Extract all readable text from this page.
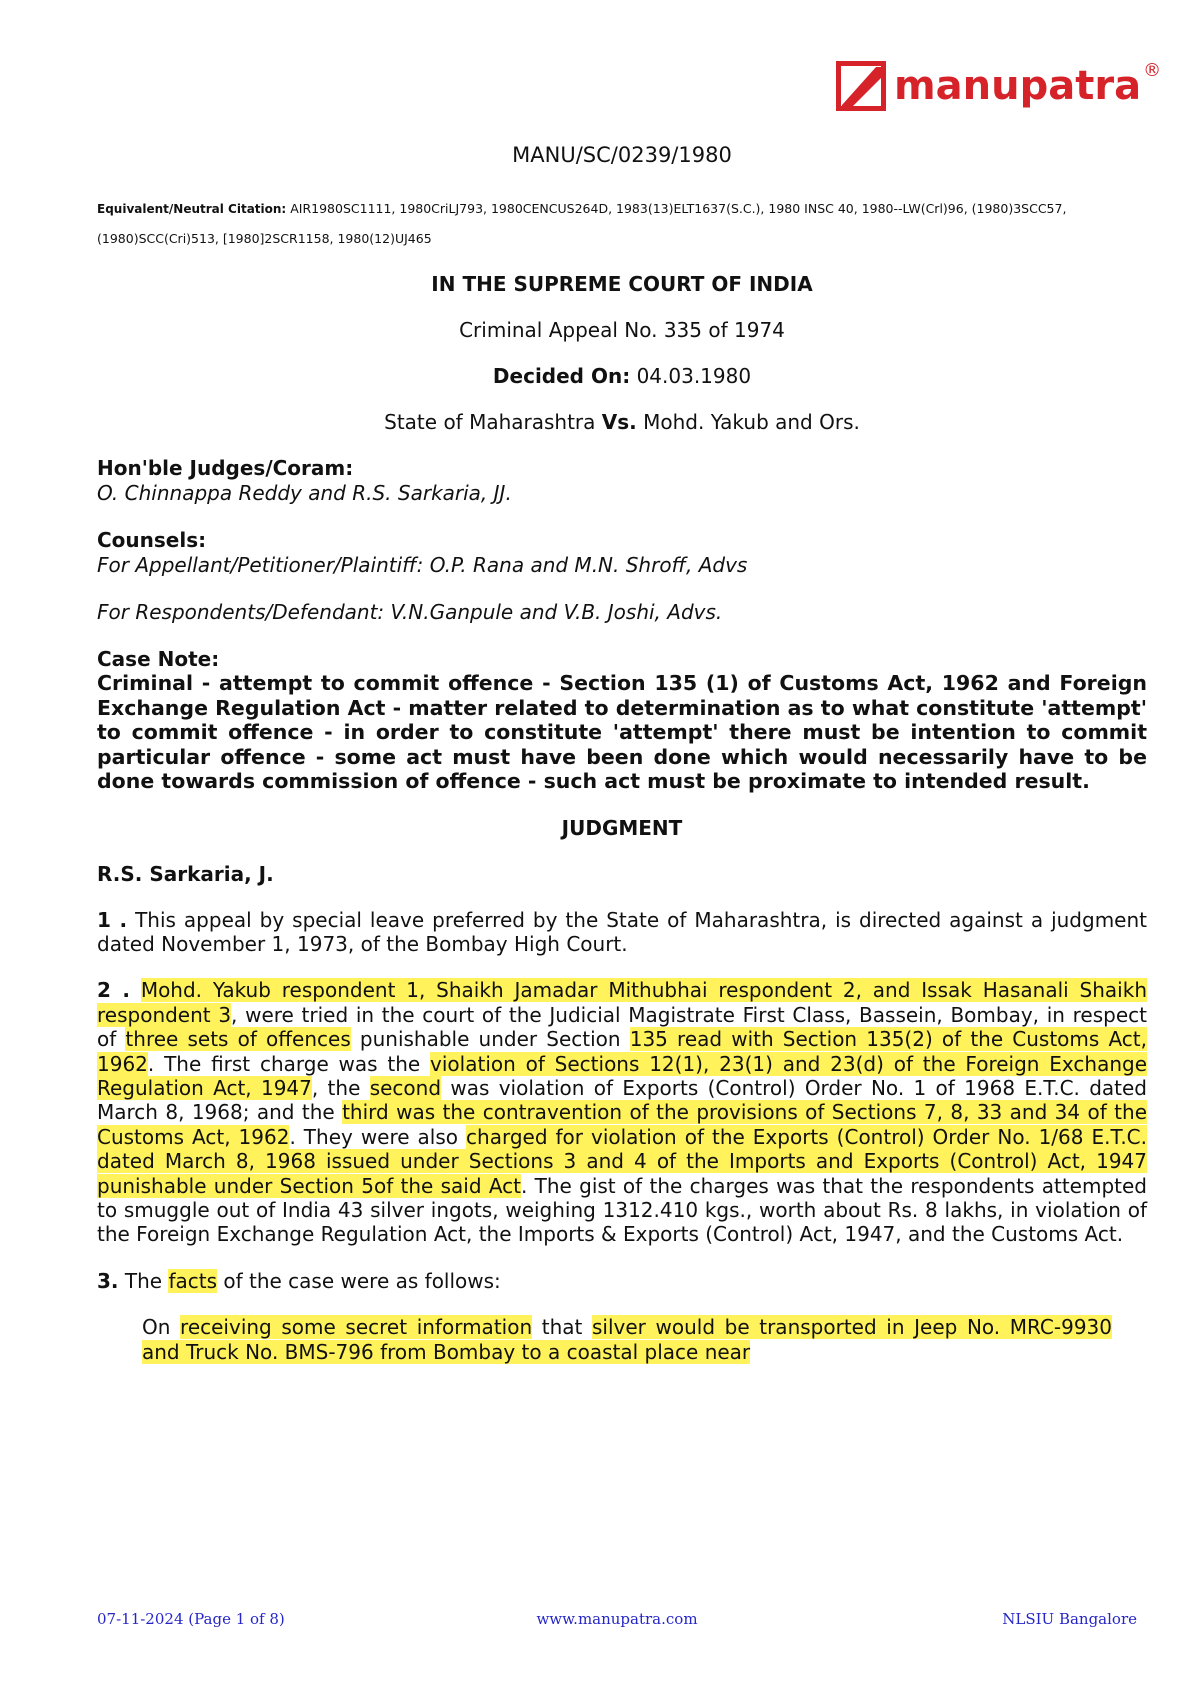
manupatra ®

MANU/SC/0239/1980

Equivalent/Neutral Citation: AIR1980SC1111, 1980CriLJ793, 1980CENCUS264D, 1983(13)ELT1637(S.C.), 1980 INSC 40, 1980--LW(Crl)96, (1980)3SCC57, (1980)SCC(Cri)513, [1980]2SCR1158, 1980(12)UJ465

IN THE SUPREME COURT OF INDIA

Criminal Appeal No. 335 of 1974

Decided On: 04.03.1980

State of Maharashtra Vs. Mohd. Yakub and Ors.

Hon'ble Judges/Coram:

O. Chinnappa Reddy and R.S. Sarkaria, JJ.

Counsels:

For Appellant/Petitioner/Plaintiff: O.P. Rana and M.N. Shroff, Advs

For Respondents/Defendant: V.N.Ganpule and V.B. Joshi, Advs.

Case Note:

Criminal - attempt to commit offence - Section 135 (1) of Customs Act, 1962 and Foreign Exchange Regulation Act - matter related to determination as to what constitute 'attempt' to commit offence - in order to constitute 'attempt' there must be intention to commit particular offence - some act must have been done which would necessarily have to be done towards commission of offence - such act must be proximate to intended result.

JUDGMENT

R.S. Sarkaria, J.

1 . This appeal by special leave preferred by the State of Maharashtra, is directed against a judgment dated November 1, 1973, of the Bombay High Court.

2 . Mohd. Yakub respondent 1, Shaikh Jamadar Mithubhai respondent 2, and Issak Hasanali Shaikh respondent 3, were tried in the court of the Judicial Magistrate First Class, Bassein, Bombay, in respect of three sets of offences punishable under Section 135 read with Section 135(2) of the Customs Act, 1962. The first charge was the violation of Sections 12(1), 23(1) and 23(d) of the Foreign Exchange Regulation Act, 1947, the second was violation of Exports (Control) Order No. 1 of 1968 E.T.C. dated March 8, 1968; and the third was the contravention of the provisions of Sections 7, 8, 33 and 34 of the Customs Act, 1962. They were also charged for violation of the Exports (Control) Order No. 1/68 E.T.C. dated March 8, 1968 issued under Sections 3 and 4 of the Imports and Exports (Control) Act, 1947 punishable under Section 5of the said Act. The gist of the charges was that the respondents attempted to smuggle out of India 43 silver ingots, weighing 1312.410 kgs., worth about Rs. 8 lakhs, in violation of the Foreign Exchange Regulation Act, the Imports & Exports (Control) Act, 1947, and the Customs Act.

3. The facts of the case were as follows:

On receiving some secret information that silver would be transported in Jeep No. MRC-9930 and Truck No. BMS-796 from Bombay to a coastal place near

07-11-2024 (Page 1 of 8)	www.manupatra.com	NLSIU Bangalore
